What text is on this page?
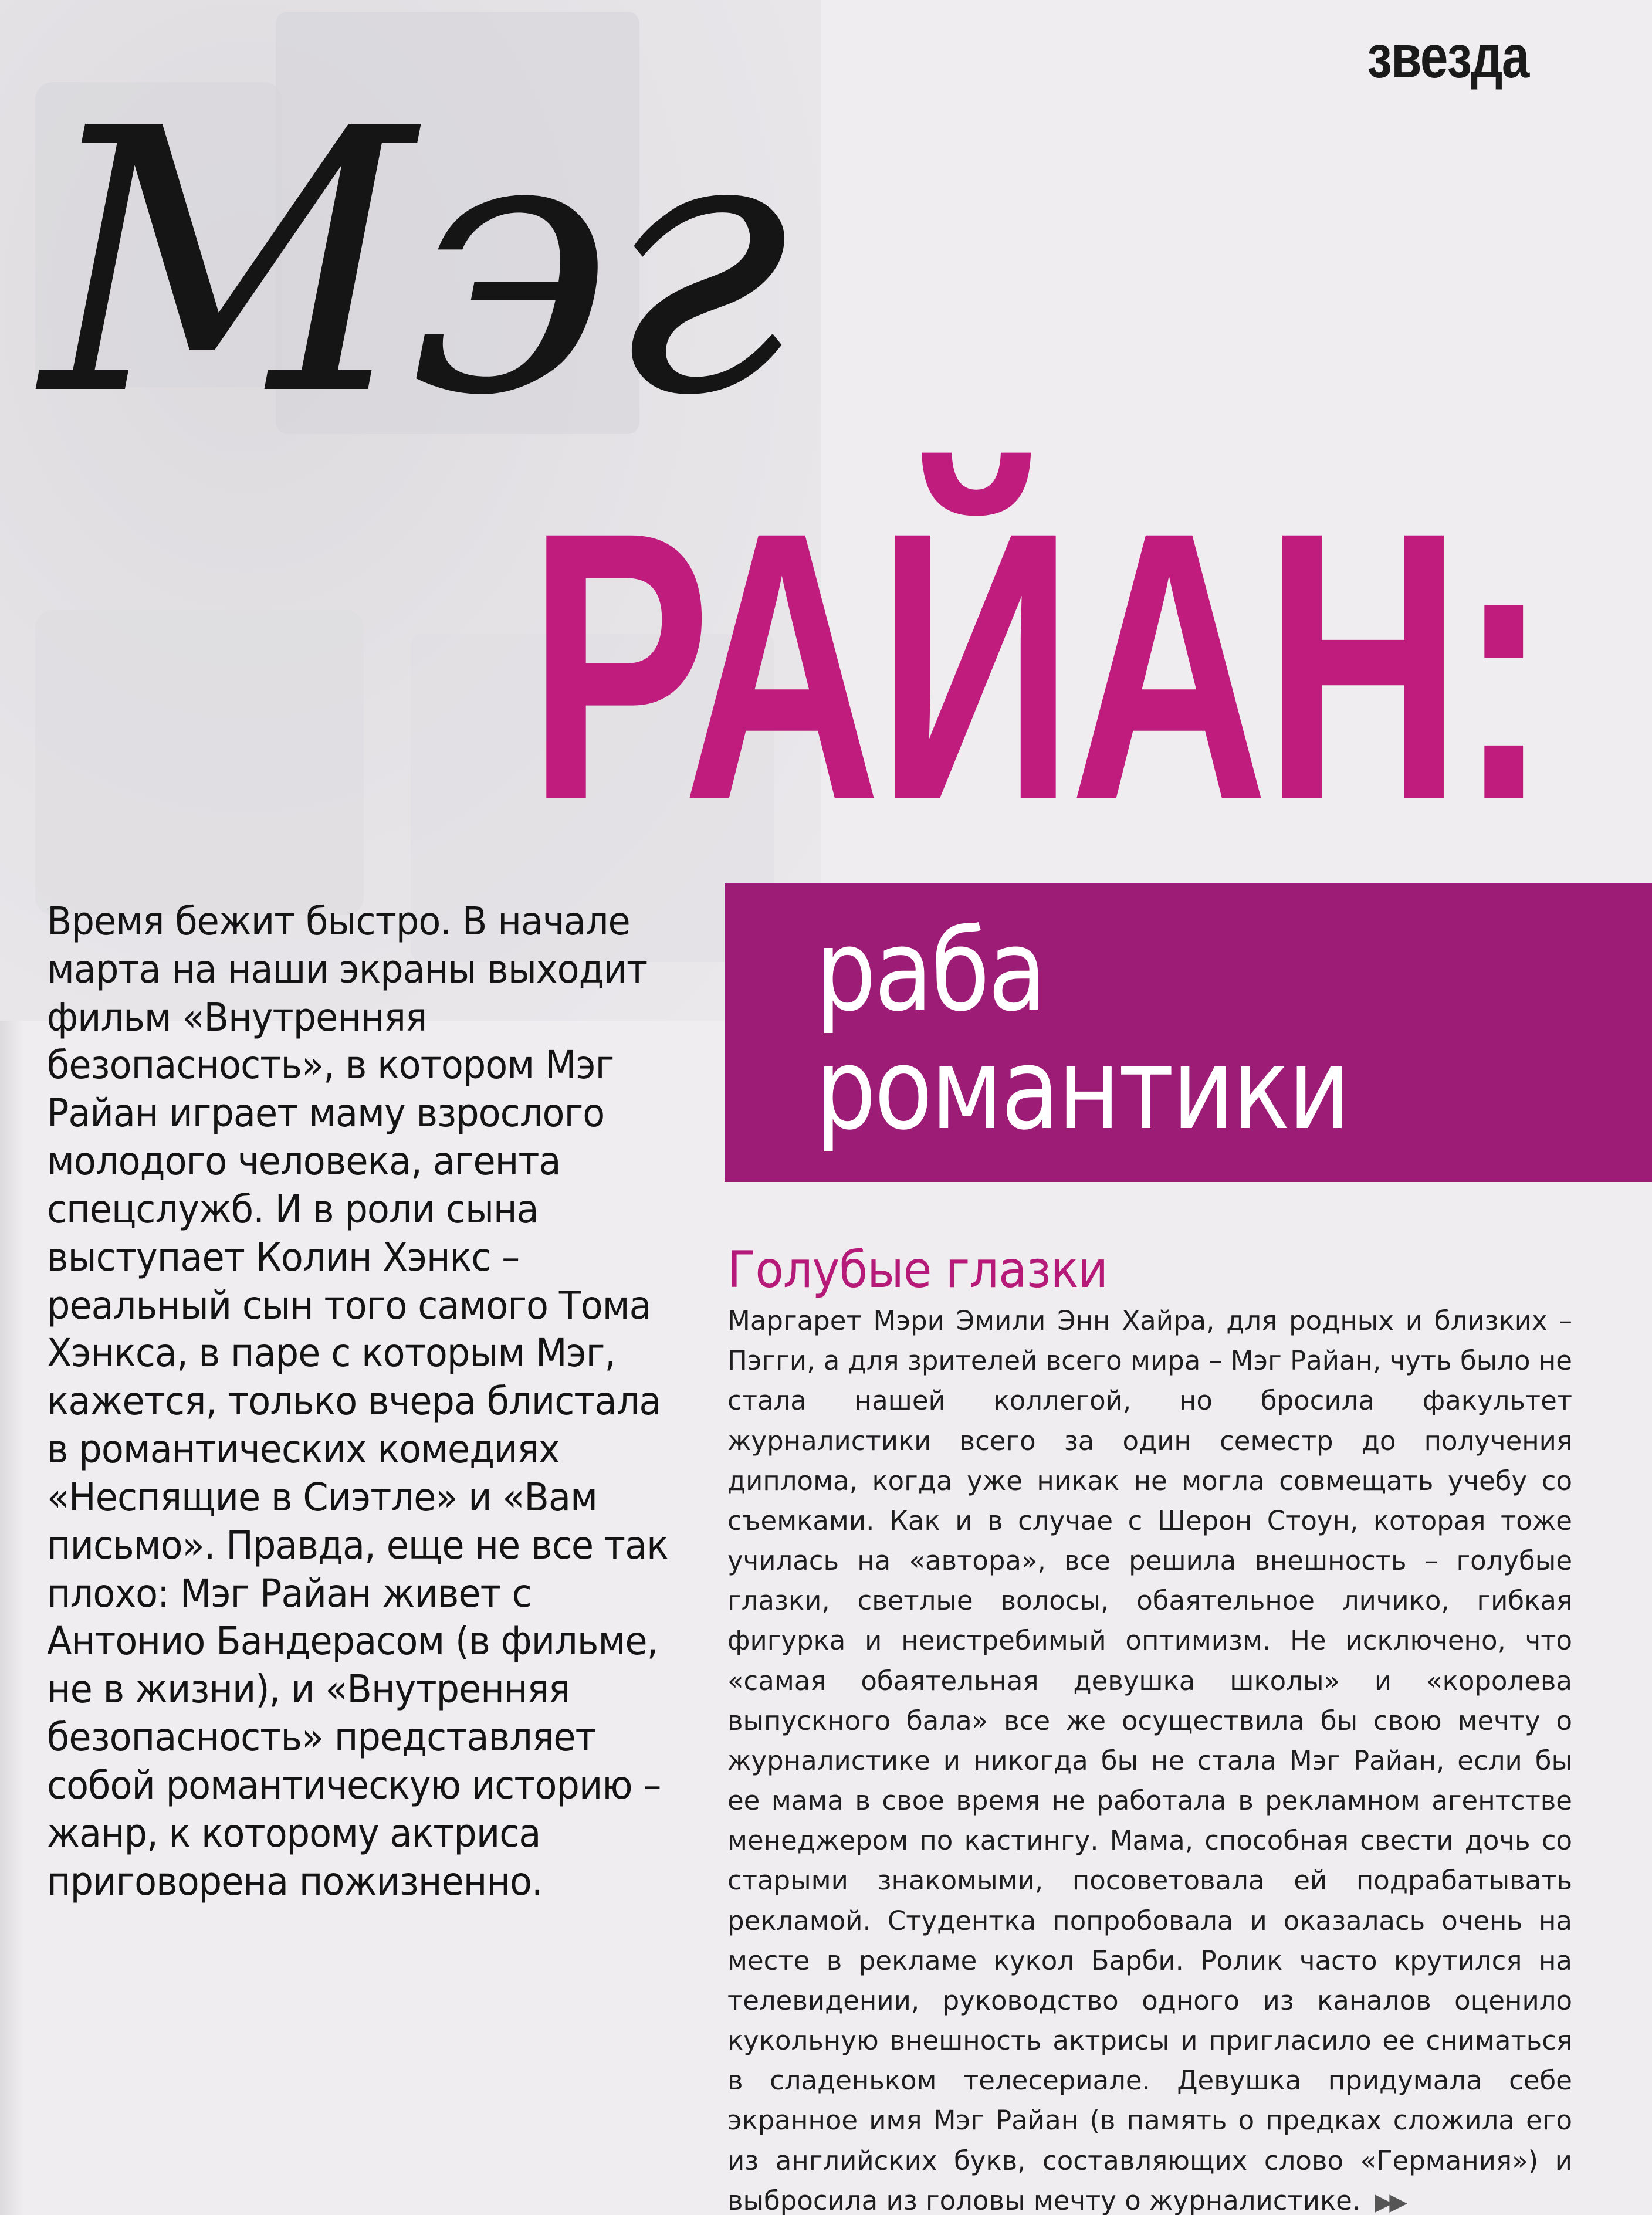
звезда
Мэг
РАЙАН:
раба
романтики
Время бежит быстро. В начале марта на наши экраны выходит фильм «Внутренняя безопасность», в котором Мэг Райан играет маму взрослого молодого человека, агента спецслужб. И в роли сына выступает Колин Хэнкс – реальный сын того самого Тома Хэнкса, в паре с которым Мэг, кажется, только вчера блистала в романтических комедиях «Неспящие в Сиэтле» и «Вам письмо». Правда, еще не все так плохо: Мэг Райан живет с Антонио Бандерасом (в фильме, не в жизни), и «Внутренняя безопасность» представляет собой романтическую историю – жанр, к которому актриса приговорена пожизненно.
Голубые глазки
Маргарет Мэри Эмили Энн Хайра, для родных и близких – Пэгги, а для зрителей всего мира – Мэг Райан, чуть было не стала нашей коллегой, но бросила факультет журналистики всего за один семестр до получения диплома, когда уже никак не могла совмещать учебу со съемками. Как и в случае с Шерон Стоун, которая тоже училась на «автора», все решила внешность – голубые глазки, светлые волосы, обаятельное личико, гибкая фигурка и неистребимый оптимизм. Не исключено, что «самая обаятельная девушка школы» и «королева выпускного бала» все же осуществила бы свою мечту о журналистике и никогда бы не стала Мэг Райан, если бы ее мама в свое время не работала в рекламном агентстве менеджером по кастингу. Мама, способная свести дочь со старыми знакомыми, посоветовала ей подрабатывать рекламой. Студентка попробовала и оказалась очень на месте в рекламе кукол Барби. Ролик часто крутился на телевидении, руководство одного из каналов оценило кукольную внешность актрисы и пригласило ее сниматься в сладеньком телесериале. Девушка придумала себе экранное имя Мэг Райан (в память о предках сложила его из английских букв, составляющих слово «Германия») и выбросила из головы мечту о журналистике. ▶▶
